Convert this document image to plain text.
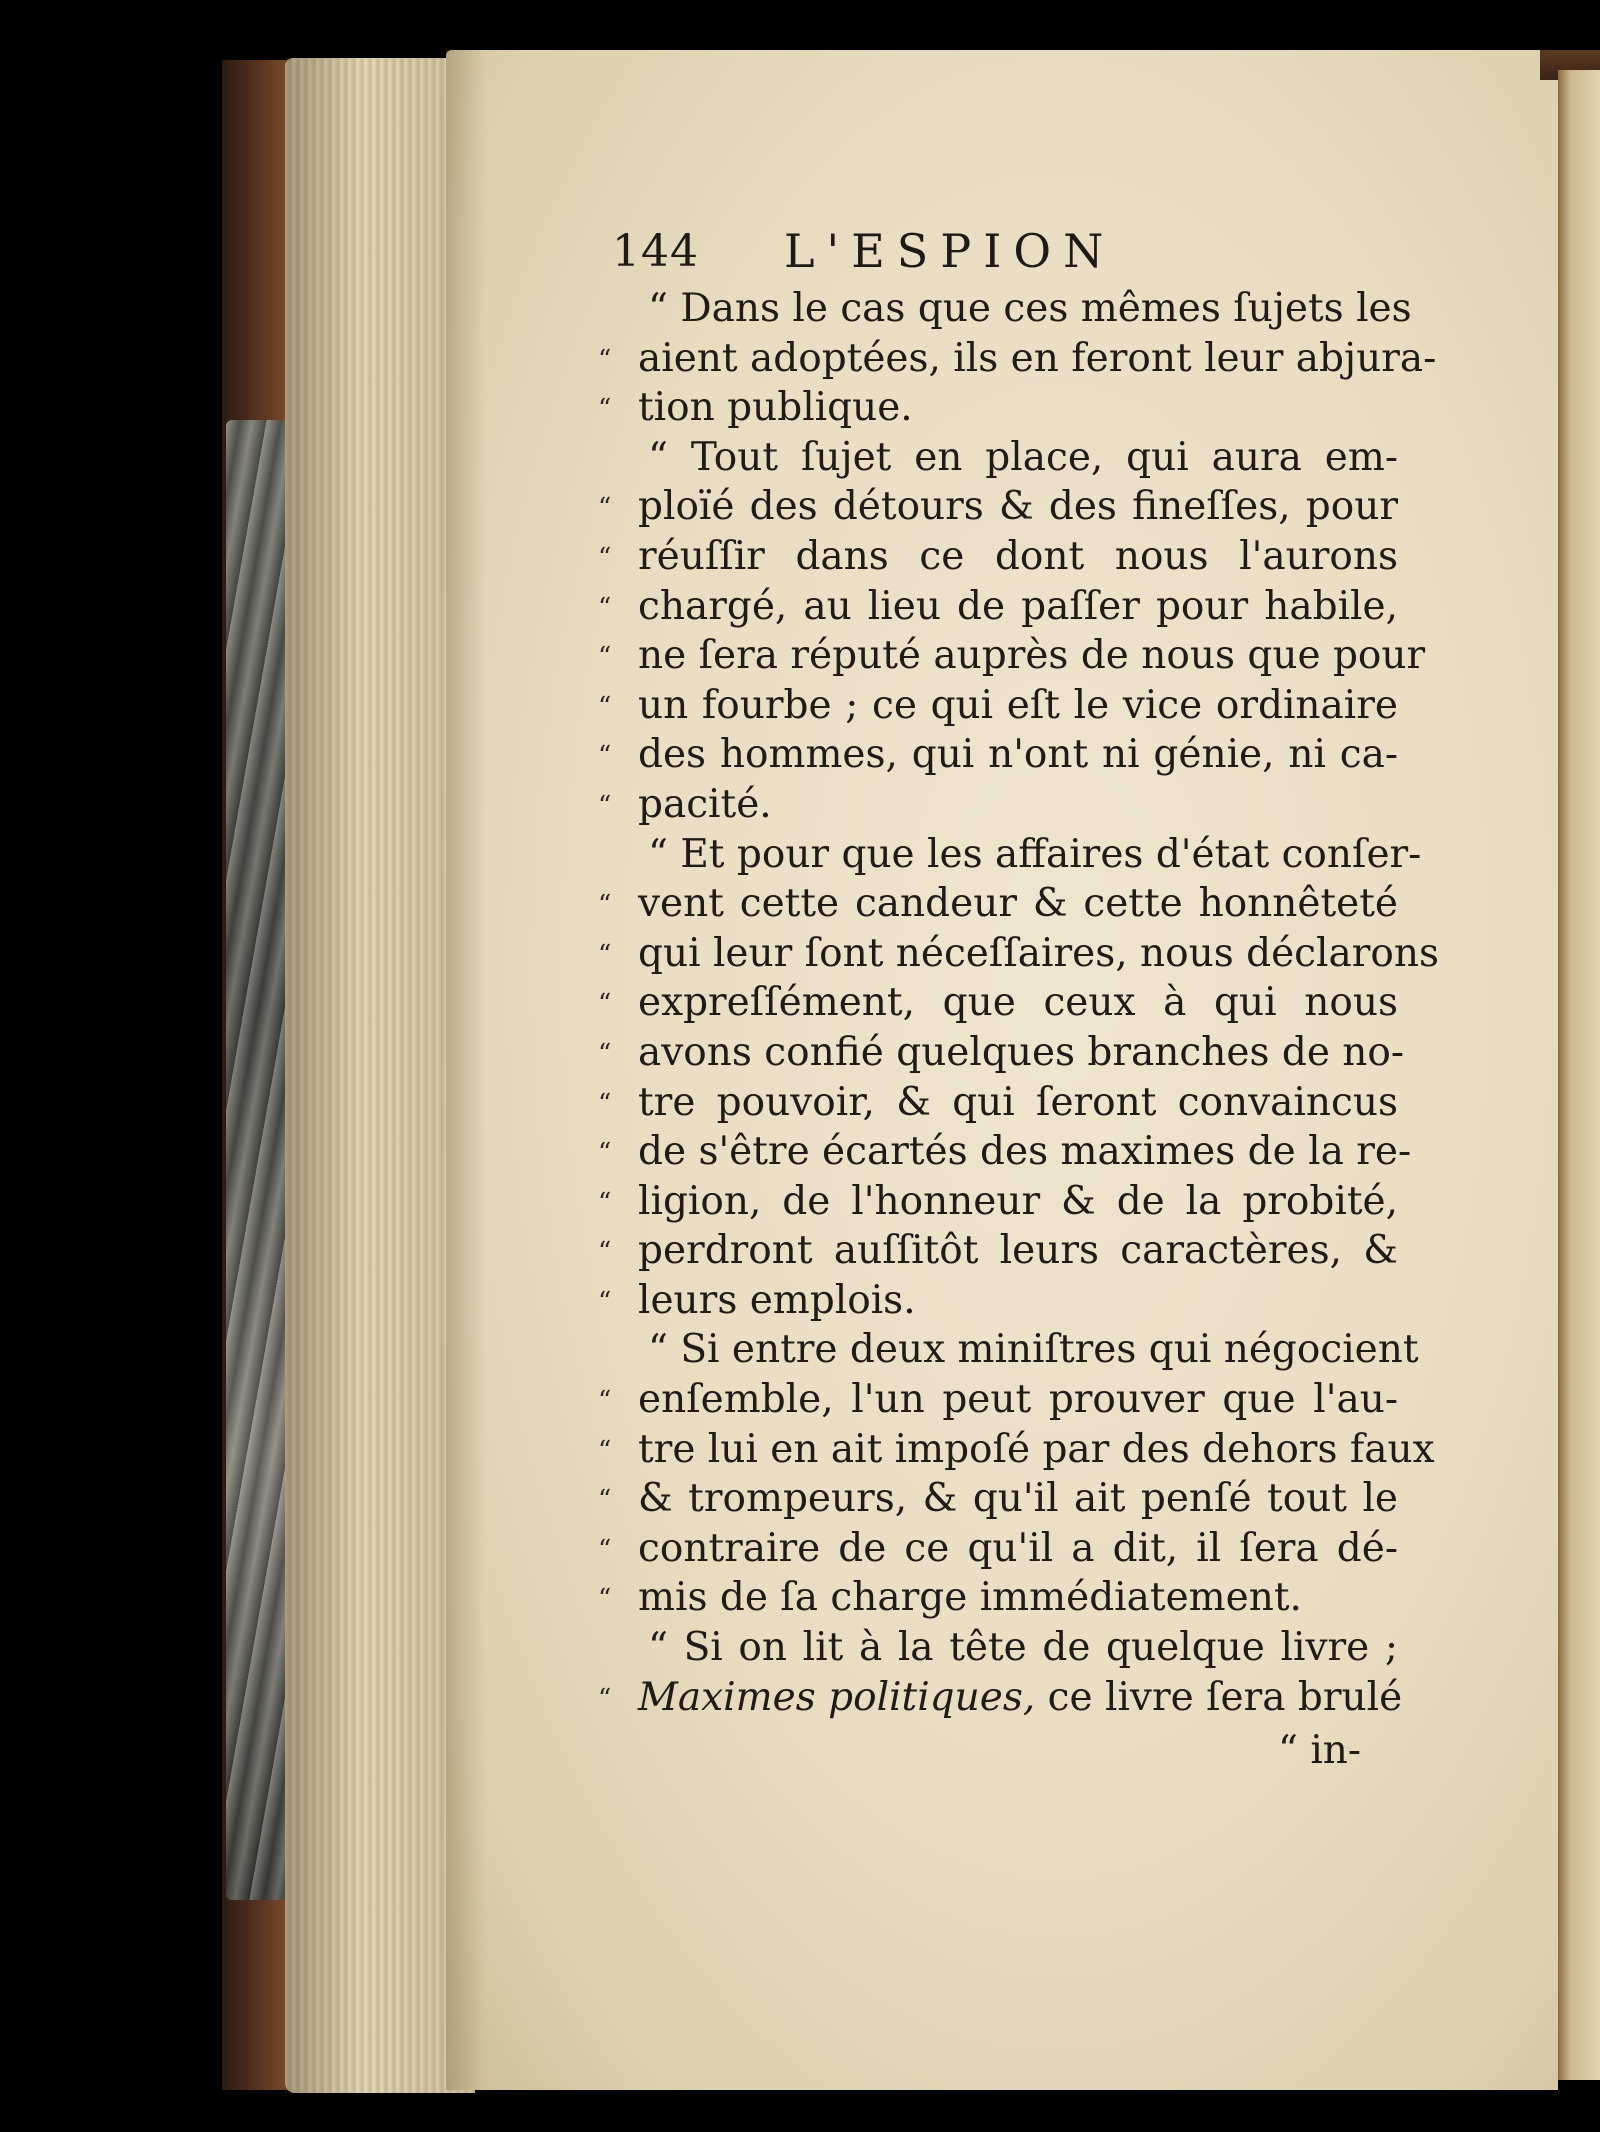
144 L'ESPION
“ Dans le cas que ces mêmes ſujets les
“ aient adoptées, ils en feront leur abjura-
“ tion publique.
“ Tout ſujet en place, qui aura em-
“ ploïé des détours & des fineſſes, pour
“ réuſſir dans ce dont nous l'aurons
“ chargé, au lieu de paſſer pour habile,
“ ne ſera réputé auprès de nous que pour
“ un fourbe ; ce qui eſt le vice ordinaire
“ des hommes, qui n'ont ni génie, ni ca-
“ pacité.
“ Et pour que les affaires d'état conſer-
“ vent cette candeur & cette honnêteté
“ qui leur ſont néceſſaires, nous déclarons
“ expreſſément, que ceux à qui nous
“ avons confié quelques branches de no-
“ tre pouvoir, & qui ſeront convaincus
“ de s'être écartés des maximes de la re-
“ ligion, de l'honneur & de la probité,
“ perdront auſſitôt leurs caractères, &
“ leurs emplois.
“ Si entre deux miniſtres qui négocient
“ enſemble, l'un peut prouver que l'au-
“ tre lui en ait impoſé par des dehors faux
“ & trompeurs, & qu'il ait penſé tout le
“ contraire de ce qu'il a dit, il ſera dé-
“ mis de ſa charge immédiatement.
“ Si on lit à la tête de quelque livre ;
“ Maximes politiques, ce livre ſera brulé
“ in-
